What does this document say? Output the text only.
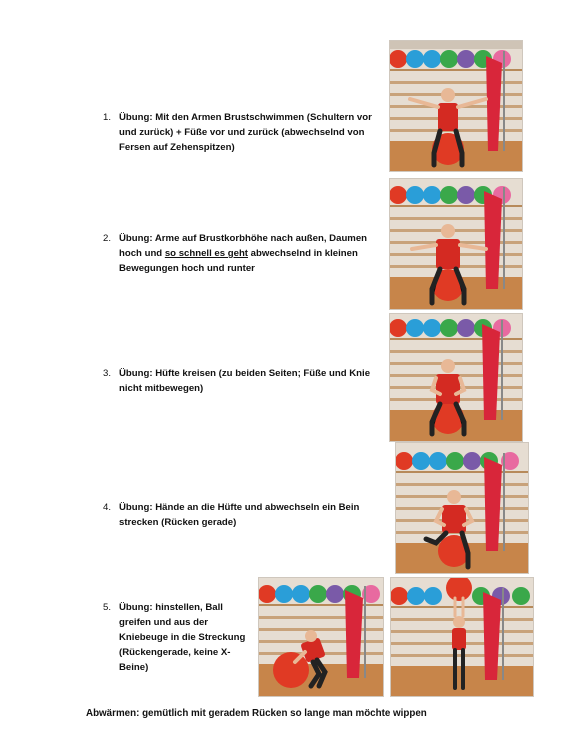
1. Übung: Mit den Armen Brustschwimmen (Schultern vor
und zurück) + Füße vor und zurück (abwechselnd von
Fersen auf Zehenspitzen)
2. Übung: Arme auf Brustkorbhöhe nach außen, Daumen
hoch und so schnell es geht abwechselnd in kleinen
Bewegungen hoch und runter
3. Übung: Hüfte kreisen (zu beiden Seiten; Füße und Knie
nicht mitbewegen)
4. Übung: Hände an die Hüfte und abwechseln ein Bein
strecken (Rücken gerade)
5. Übung: hinstellen, Ball
greifen und aus der
Kniebeuge in die Streckung
(Rückengerade, keine X-
Beine)
Abwärmen: gemütlich mit geradem Rücken so lange man möchte wippen
